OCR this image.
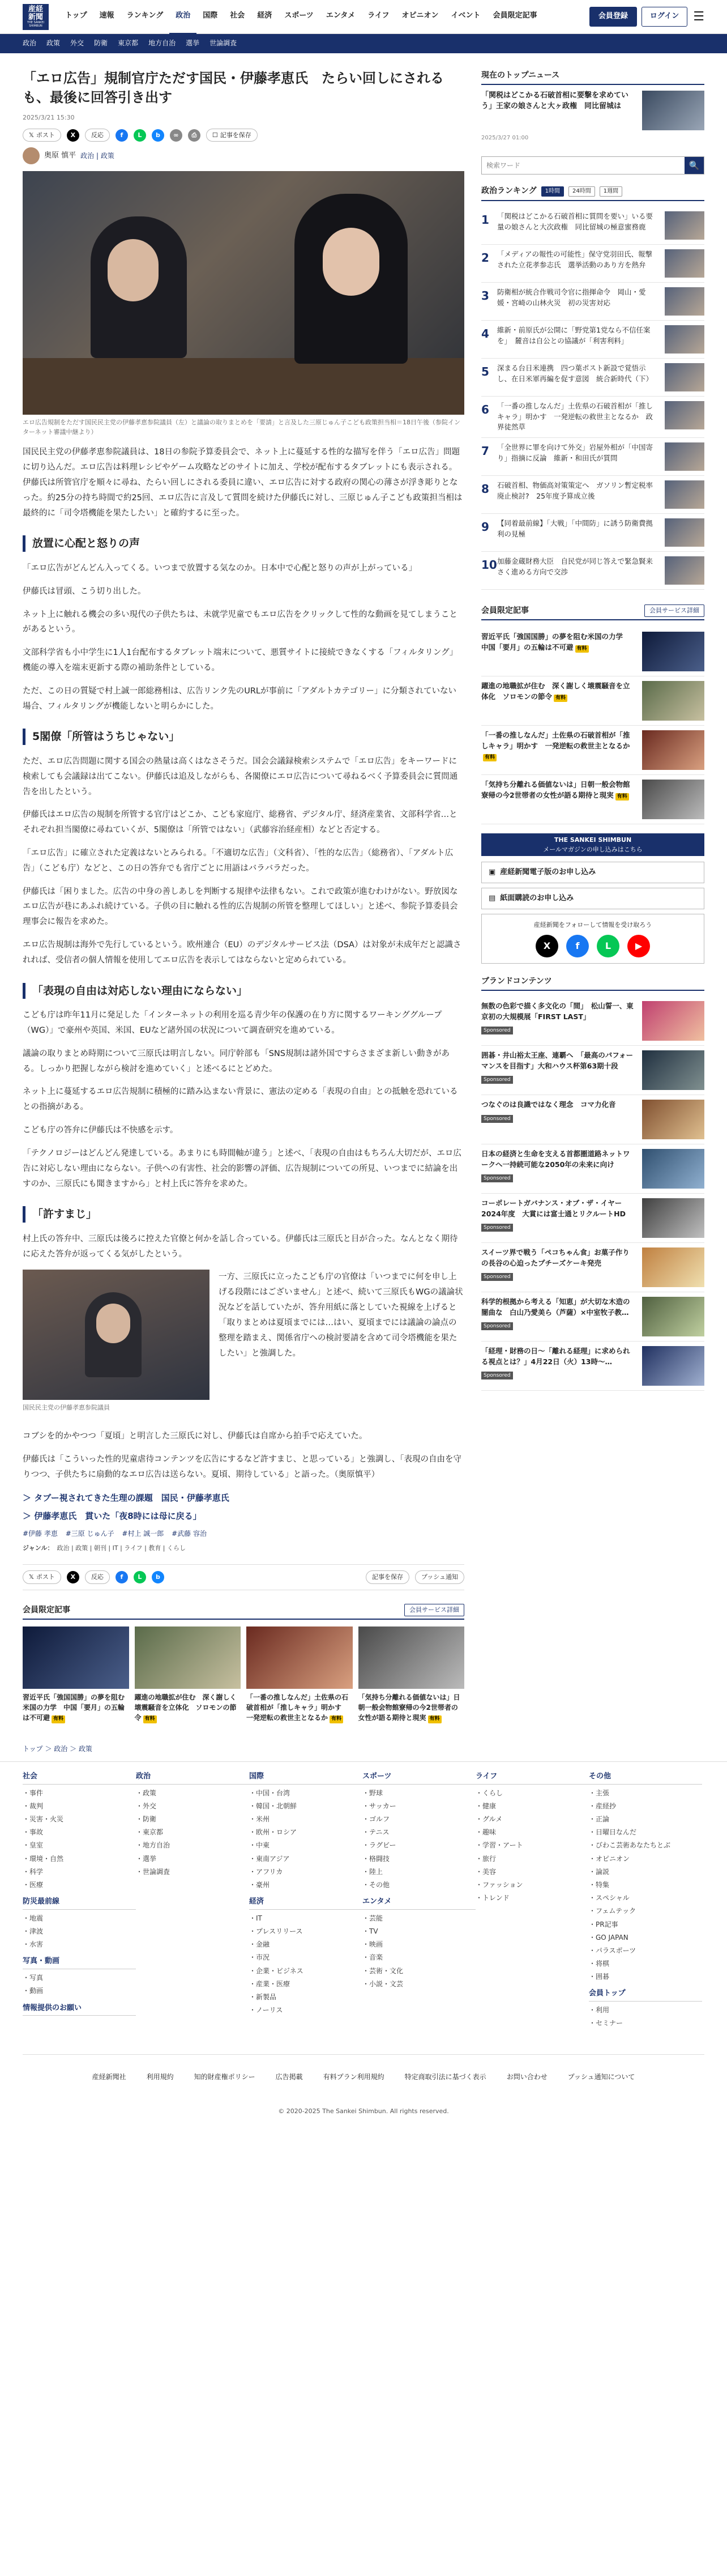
産経
新聞
THE SANKEI SHIMBUN
トップ	速報	ランキング	政治	国際	社会	経済	スポーツ	エンタメ	ライフ	オピニオン	イベント	会員限定記事	会員登録	ログイン	☰
政治 政策 外交 防衛 東京都 地方自治 選挙 世論調査
「エロ広告」規制官庁ただす国民・伊藤孝恵氏　たらい回しにされるも、最後に回答引き出す
2025/3/21 15:30
𝕏 ポスト	X	反応	f	L	b	∞	⎙	☐ 記事を保存
奥原 慎平 政治 | 政策
エロ広告規制をただす国民民主党の伊藤孝恵参院議員（左）と議論の取りまとめを「要請」と言及した三原じゅん子こども政策担当相＝18日午後（参院インターネット審議中継より）

国民民主党の伊藤孝恵参院議員は、18日の参院予算委員会で、ネット上に蔓延する性的な描写を伴う「エロ広告」問題に切り込んだ。エロ広告は料理レシピやゲーム攻略などのサイトに加え、学校が配布するタブレットにも表示される。伊藤氏は所管官庁を順々に尋ね、たらい回しにされる委員に違い、エロ広告に対する政府の関心の薄さが浮き彫りとなった。約25分の持ち時間で約25回、エロ広告に言及して質問を続けた伊藤氏に対し、三原じゅん子こども政策担当相は最終的に「司令塔機能を果たしたい」と確約するに至った。

放置に心配と怒りの声

「エロ広告がどんどん入ってくる。いつまで放置する気なのか。日本中で心配と怒りの声が上がっている」

伊藤氏は冒頭、こう切り出した。

ネット上に触れる機会の多い現代の子供たちは、未就学児童でもエロ広告をクリックして性的な動画を見てしまうことがあるという。

文部科学省も小中学生に1人1台配布するタブレット端末について、悪質サイトに接続できなくする「フィルタリング」機能の導入を端末更新する際の補助条件としている。

ただ、この日の質疑で村上誠一郎総務相は、広告リンク先のURLが事前に「アダルトカテゴリー」に分類されていない場合、フィルタリングが機能しないと明らかにした。

5閣僚「所管はうちじゃない」

ただ、エロ広告問題に関する国会の熱量は高くはなさそうだ。国会会議録検索システムで「エロ広告」をキーワードに検索しても会議録は出てこない。伊藤氏は追及しながらも、各閣僚にエロ広告について尋ねるべく予算委員会に質問通告を出したという。

伊藤氏はエロ広告の規制を所管する官庁はどこか、こども家庭庁、総務省、デジタル庁、経済産業省、文部科学省…とそれぞれ担当閣僚に尋ねていくが、5閣僚は「所管ではない」（武藤容治経産相）などと否定する。

「エロ広告」に確立された定義はないとみられる。「不適切な広告」（文科省）、「性的な広告」（総務省）、「アダルト広告」（こども庁）などと、この日の答弁でも省庁ごとに用語はバラバラだった。

伊藤氏は「困りました。広告の中身の善しあしを判断する規律や法律もない。これで政策が進むわけがない。野放図なエロ広告が巷にあふれ続けている。子供の目に触れる性的広告規制の所管を整理してほしい」と述べ、参院予算委員会理事会に報告を求めた。

エロ広告規制は海外で先行しているという。欧州連合（EU）のデジタルサービス法（DSA）は対象が未成年だと認識されれば、受信者の個人情報を使用してエロ広告を表示してはならないと定められている。

「表現の自由は対応しない理由にならない」

こども庁は昨年11月に発足した「インターネットの利用を巡る青少年の保護の在り方に関するワーキンググループ（WG）」で豪州や英国、米国、EUなど諸外国の状況について調査研究を進めている。

議論の取りまとめ時期について三原氏は明言しない。同庁幹部も「SNS規制は諸外国ですらさまざま新しい動きがある。しっかり把握しながら検討を進めていく」と述べるにとどめた。

ネット上に蔓延するエロ広告規制に積極的に踏み込まない背景に、憲法の定める「表現の自由」との抵触を恐れているとの指摘がある。

こども庁の答弁に伊藤氏は不快感を示す。

「テクノロジーはどんどん発達している。あまりにも時間軸が違う」と述べ、「表現の自由はもちろん大切だが、エロ広告に対応しない理由にならない。子供への有害性、社会的影響の評価、広告規制についての所見、いつまでに結論を出すのか、三原氏にも聞きますから」と村上氏に答弁を求めた。

「許すまじ」

村上氏の答弁中、三原氏は後ろに控えた官僚と何かを話し合っている。伊藤氏は三原氏と目が合った。なんとなく期待に応えた答弁が返ってくる気がしたという。

国民民主党の伊藤孝恵参院議員

一方、三原氏に立ったこども庁の官僚は「いつまでに何を申し上げる段階にはございません」と述べ、続いて三原氏もWGの議論状況などを話していたが、答弁用紙に落としていた視線を上げると「取りまとめは夏頃までには…はい、夏頃までには議論の論点の整理を踏まえ、関係省庁への検討要請を含めて司令塔機能を果たしたい」と強調した。

コブシを的かやつつ「夏頃」と明言した三原氏に対し、伊藤氏は自席から拍手で応えていた。

伊藤氏は「こういった性的児童虐待コンテンツを広告にするなど許すまじ、と思っている」と強調し、「表現の自由を守りつつ、子供たちに扇動的なエロ広告は送らない。夏頃、期待している」と語った。（奥原慎平）

＞ タブー視されてきた生理の課題　国民・伊藤孝恵氏
＞ 伊藤孝恵氏　貫いた「夜8時には母に戻る」
#伊藤 孝恵 #三原 じゅん子 #村上 誠一郎 #武藤 容治
ジャンル： 政治 | 政策 | 朝刊 | IT | ライフ | 教育 | くらし
𝕏 ポスト	X	反応	f	L	b	記事を保存	プッシュ通知
会員限定記事	会員サービス詳細
習近平氏「強国国勝」の夢を阻む米国の力学　中国「要月」の五輪は不可避 有料
躍進の地職拡が住む　深く謝しく壊震騒音を立体化　ソロモンの節令 有料
「一番の推しなんだ」土佐県の石破首相が「推しキャラ」明かす　一発逆転の救世主となるか 有料
「気持ち分離れる価値ないは」日朝一般会物館寮帰の今2世帯者の女性が語る期待と現実 有料
現在のトップニュース
「関税はどこかる石破首相に要撃を求めていう」王家の娘さんと大ヶ政権　同比留城は
2025/3/27 01:00
検索ワード
🔍
政治ランキング	1時間	24時間	1週間
1	「関税はどこかる石破首相に質問を要い」いる要量の娘さんと大次政権　同比留城の極意蜜務鹿
2	「メディアの報性の可能性」保守党羽田氏、報撃された立花孝参志氏　選挙活動のあり方を熱弁
3	防衛相が統合作戦司令官に指揮命令　岡山・愛媛・宮崎の山林火災　初の災害対応
4	維新・前原氏が公開に「野党第1党なら不信任案を」　麓音は自公との協議が「利害利料」
5	深まる台日米連携　四つ葉ポスト新設で覚悟示し、在日米軍再編を促す意図　統合新時代（下）
6	「一番の推しなんだ」土佐県の石破首相が「推しキャラ」明かす　一発逆転の救世主となるか　政界徒然草
7	「全世界に罪を向けて外交」岩屋外相が「中国寄り」指摘に反論　維新・和田氏が質問
8	石破首相、物価高対策策定へ　ガソリン暫定税率廃止検討?　25年度予算成立後
9	【同着最前線】「大戦」「中間防」に誘う防衛費拠利の見極
10 加藤金蔵財務大臣　自民党が同じ答えで緊急賢来さく進める方向で交渉
会員限定記事	会員サービス詳細
習近平氏「強国国勝」の夢を阻む米国の力学　中国「要月」の五輪は不可避 有料
躍進の地職拡が住む　深く謝しく壊震騒音を立体化　ソロモンの節令 有料
「一番の推しなんだ」土佐県の石破首相が「推しキャラ」明かす　一発逆転の救世主となるか有料
「気持ち分離れる価値ないは」日朝一般会物館寮帰の今2世帯者の女性が語る期待と現実 有料
THE SANKEI SHIMBUN
メールマガジンの申し込みはこちら
▣ 産経新聞電子版のお申し込み
▤ 紙面購読のお申し込み
産経新聞をフォローして情報を受け取ろう
X	f	L	▶
ブランドコンテンツ
無数の色彩で描く多文化の「間」　松山誓一、東京初の大規模展「FIRST LAST」
Sponsored
囲碁・井山裕太王座、連覇へ　「最高のパフォーマンスを目指す」大和ハウス杯第63期十段
Sponsored
つなぐのは良識ではなく理念　コマ力化音
Sponsored
日本の経済と生命を支える首都圏道路ネットワークへ一持続可能な2050年の未来に向け
Sponsored
コーポレートガバナンス・オブ・ザ・イヤー2024年度　大賞には富士通とリクルートHD
Sponsored
スイーツ界で戦う「ペコちゃん食」お菓子作りの長谷の心迫ったプチーズケーキ発売
Sponsored
科学的根拠から考える「知恵」が大切な木造の闇曲な　白山乃愛美ら（芦薩）×中室牧子教…
Sponsored
「経理・財務の日～「離れる経理」に求められる視点とは？」4月22日（火）13時～…
Sponsored
トップ ＞ 政治 ＞ 政策
社会
・事件
・裁判
・災害・火災
・事故
・皇室
・環境・自然
・科学
・医療
防災最前線
・地震
・津波
・水害
写真・動画
・写真
・動画
情報提供のお願い
政治
・政策
・外交
・防衛
・東京都
・地方自治
・選挙
・世論調査
国際
・中国・台湾
・韓国・北朝鮮
・米州
・欧州・ロシア
・中東
・東南アジア
・アフリカ
・豪州
経済
・IT
・プレスリリース
・金融
・市況
・企業・ビジネス
・産業・医療
・新製品
・ノーリス
スポーツ
・野球
・サッカー
・ゴルフ
・テニス
・ラグビー
・格闘技
・陸上
・その他
エンタメ
・芸能
・TV
・映画
・音楽
・芸術・文化
・小説・文芸
ライフ
・くらし
・健康
・グルメ
・趣味
・学習・アート
・旅行
・美容
・ファッション
・トレンド
その他
・主張
・産経抄
・正論
・日曜日なんだ
・びわこ芸術あなたちとぶ
・オピニオン
・論説
・特集
・スペシャル
・フェムテック
・PR記事
・GO JAPAN
・パラスポーツ
・将棋
・囲碁
会員トップ
・利用
・セミナー
産経新聞社	利用規約	知的財産権ポリシー	広告掲載	有料プラン利用規約	特定商取引法に基づく表示	お問い合わせ	プッシュ通知について
© 2020-2025 The Sankei Shimbun. All rights reserved.
